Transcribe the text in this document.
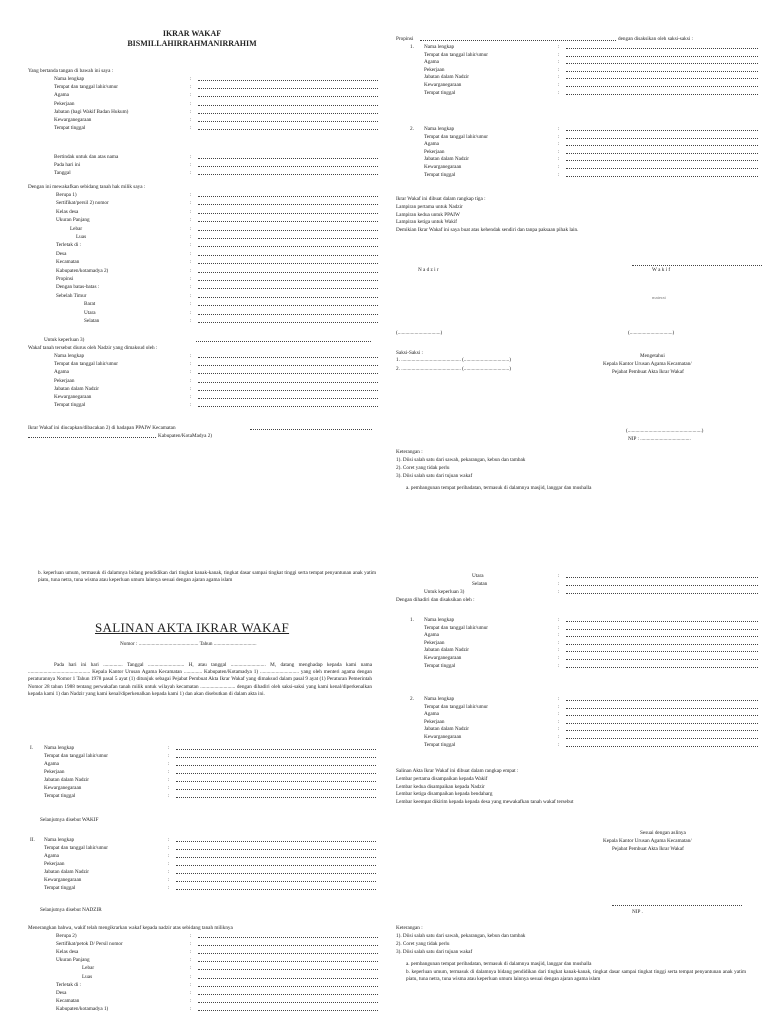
IKRAR WAKAF
BISMILLAHIRRAHMANIRRAHIM
Yang bertanda tangan di bawah ini saya :
Nama lengkap	:
Tempat dan tanggal lahir/umur	:
Agama	:
Pekerjaan	:
Jabatan (bagi Wakif Badan Hukum)	:
Kewarganegaraan	:
Tempat tinggal	:
Bertindak untuk dan atas nama	:
Pada hari ini	:
Tanggal	:
Dengan ini mewakafkan sebidang tanah hak milik saya :
Berupa 1)	:
Sertifikat/persil 2) nomor	:
Kelas desa	:
Ukuran Panjang	:
Lebar	:
Luas	:
Terletak di :	:
Desa	:
Kecamatan	:
Kabupaten/kotamadya 2)	:
Propinsi	:
Dengan batas-batas :	:
Sebelah Timur	:
Barat	:
Utara	:
Selatan	:
Untuk keperluan 3)
Wakaf tanah tersebut diurus oleh Nadzir yang dimaksud oleh :
Nama lengkap	:
Tempat dan tanggal lahir/umur	:
Agama	:
Pekerjaan	:
Jabatan dalam Nadzir	:
Kewarganegaraan	:
Tempat tinggal	:
Ikrar Wakaf ini diucapkan/dibacakan 2) di hadapan PPAIW Kecamatan
Kabupaten/KotaMadya 2)
Propinsi	dengan disaksikan oleh saksi-saksi :
1. Nama lengkap	:
Tempat dan tanggal lahir/umur	:
Agama	:
Pekerjaan	:
Jabatan dalam Nadzir	:
Kewarganegaraan	:
Tempat tinggal	:
2. Nama lengkap	:
Tempat dan tanggal lahir/umur	:
Agama	:
Pekerjaan	:
Jabatan dalam Nadzir	:
Kewarganegaraan	:
Tempat tinggal	:
Ikrar Wakaf ini dibuat dalam rangkap tiga :
Lampiran pertama untuk Nadzir
Lampiran kedua untuk PPAIW
Lampiran ketiga untuk Wakif
Demikian Ikrar Wakaf ini saya buat atas kehendak sendiri dan tanpa paksaan pihak lain.
N a d z i r	W a k i f
materai
(.................................)	(.................................)
Saksi-Saksi :
1. .............................................. (...................................)
2. .............................................. (...................................)
Mengetahui
Kepala Kantor Urusan Agama Kecamatan/
Pejabat Pembuat Akta Ikrar Wakaf
(.........................................................)
NIP : .......................................
Keterangan :
1). Diisi salah satu dari sawah, pekarangan, kebun dan tambak
2). Coret yang tidak perlu
3). Diisi salah satu dari tujuan wakaf
a. pembangunan tempat peribadatan, termasuk di dalamnya masjid, langgar dan mushalla
b. keperluan umum, termasuk di dalamnya bidang pendidikan dari tingkat kanak-kanak, tingkat dasar sampai tingkat tinggi serta tempat penyantunan anak yatim piatu, tuna netra, tuna wisma atau keperluan umum lainnya sesuai dengan ajaran agama islam
SALINAN AKTA IKRAR WAKAF
Nomor : .............................................. Tahun .................................
Pada hari ini hari ............... Tanggal ............................ H, atau tanggal ........................... M, datang menghadap kepada kami nama ................................................ Kepala Kantor Urusan Agama Kecamatan .............. Kabupaten/Kotamadya 1) .............................. yang oleh menteri agama dengan peraturannya Nomor 1 Tahun 1978 pasal 5 ayat (1) ditunjuk sebagai Pejabat Pembuat Akta Ikrar Wakaf yang dimaksud dalam pasal 9 ayat (1) Peraturan Pemerintah Nomor 28 tahun 1988 tentang perwakafan tanah milik untuk wilayah kecamatan ........................... dengan dihadiri oleh saksi-saksi yang kami kenal/diperkenalkan kepada kami 1) dan Nadzir yang kami kenal/diperkenalkan kepada kami 1) dan akan disebutkan di dalam akta ini.
I. Nama lengkap	:
Tempat dan tanggal lahir/umur	:
Agama	:
Pekerjaan	:
Jabatan dalam Nadzir	:
Kewarganegaraan	:
Tempat tinggal	:
Selanjutnya disebut WAKIF
II. Nama lengkap	:
Tempat dan tanggal lahir/umur	:
Agama	:
Pekerjaan	:
Jabatan dalam Nadzir	:
Kewarganegaraan	:
Tempat tinggal	:
Selanjutnya disebut NADZIR
Menerangkan bahwa, wakif telah mengikrarkan wakaf kepada nadzir atas sebidang tanah miliknya
Berupa 2)	:
Sertifikat/petok D/ Persil nomor	:
Kelas desa	:
Ukuran Panjang	:
Lebar	:
Luas	:
Terletak di :	:
Desa	:
Kecamatan	:
Kabupaten/kotamadya 1)	:
Utara	:
Selatan	:
Untuk keperluan 3)	:
Dengan dihadiri dan disaksikan oleh :
1. Nama lengkap	:
Tempat dan tanggal lahir/umur	:
Agama	:
Pekerjaan	:
Jabatan dalam Nadzir	:
Kewarganegaraan	:
Tempat tinggal	:
2. Nama lengkap	:
Tempat dan tanggal lahir/umur	:
Agama	:
Pekerjaan	:
Jabatan dalam Nadzir	:
Kewarganegaraan	:
Tempat tinggal	:
Salinan Akta Ikrar Wakaf ini dibuat dalam rangkap empat :
Lembar pertama disampaikan kepada Wakif
Lembar kedua disampaikan kepada Nadzir
Lembar ketiga disampaikan kepada bendaharg
Lembar keempat dikirim kepada kepada desa yang mewakafkan tanah wakaf tersebut
Sesuai dengan aslinya
Kepala Kantor Urusan Agama Kecamatan/
Pejabat Pembuat Akta Ikrar Wakaf
NIP .
Keterangan :
1). Diisi salah satu dari sawah, pekarangan, kebun dan tambak
2). Coret yang tidak perlu
3). Diisi salah satu dari tujuan wakaf
a. pembangunan tempat peribadatan, termasuk di dalamnya masjid, langgar dan mushalla
b. keperluan umum, termasuk di dalamnya bidang pendidikan dari tingkat kanak-kanak, tingkat dasar sampai tingkat tinggi serta tempat penyantunan anak yatim piatu, tuna netra, tuna wisma atau keperluan umum lainnya sesuai dengan ajaran agama islam
